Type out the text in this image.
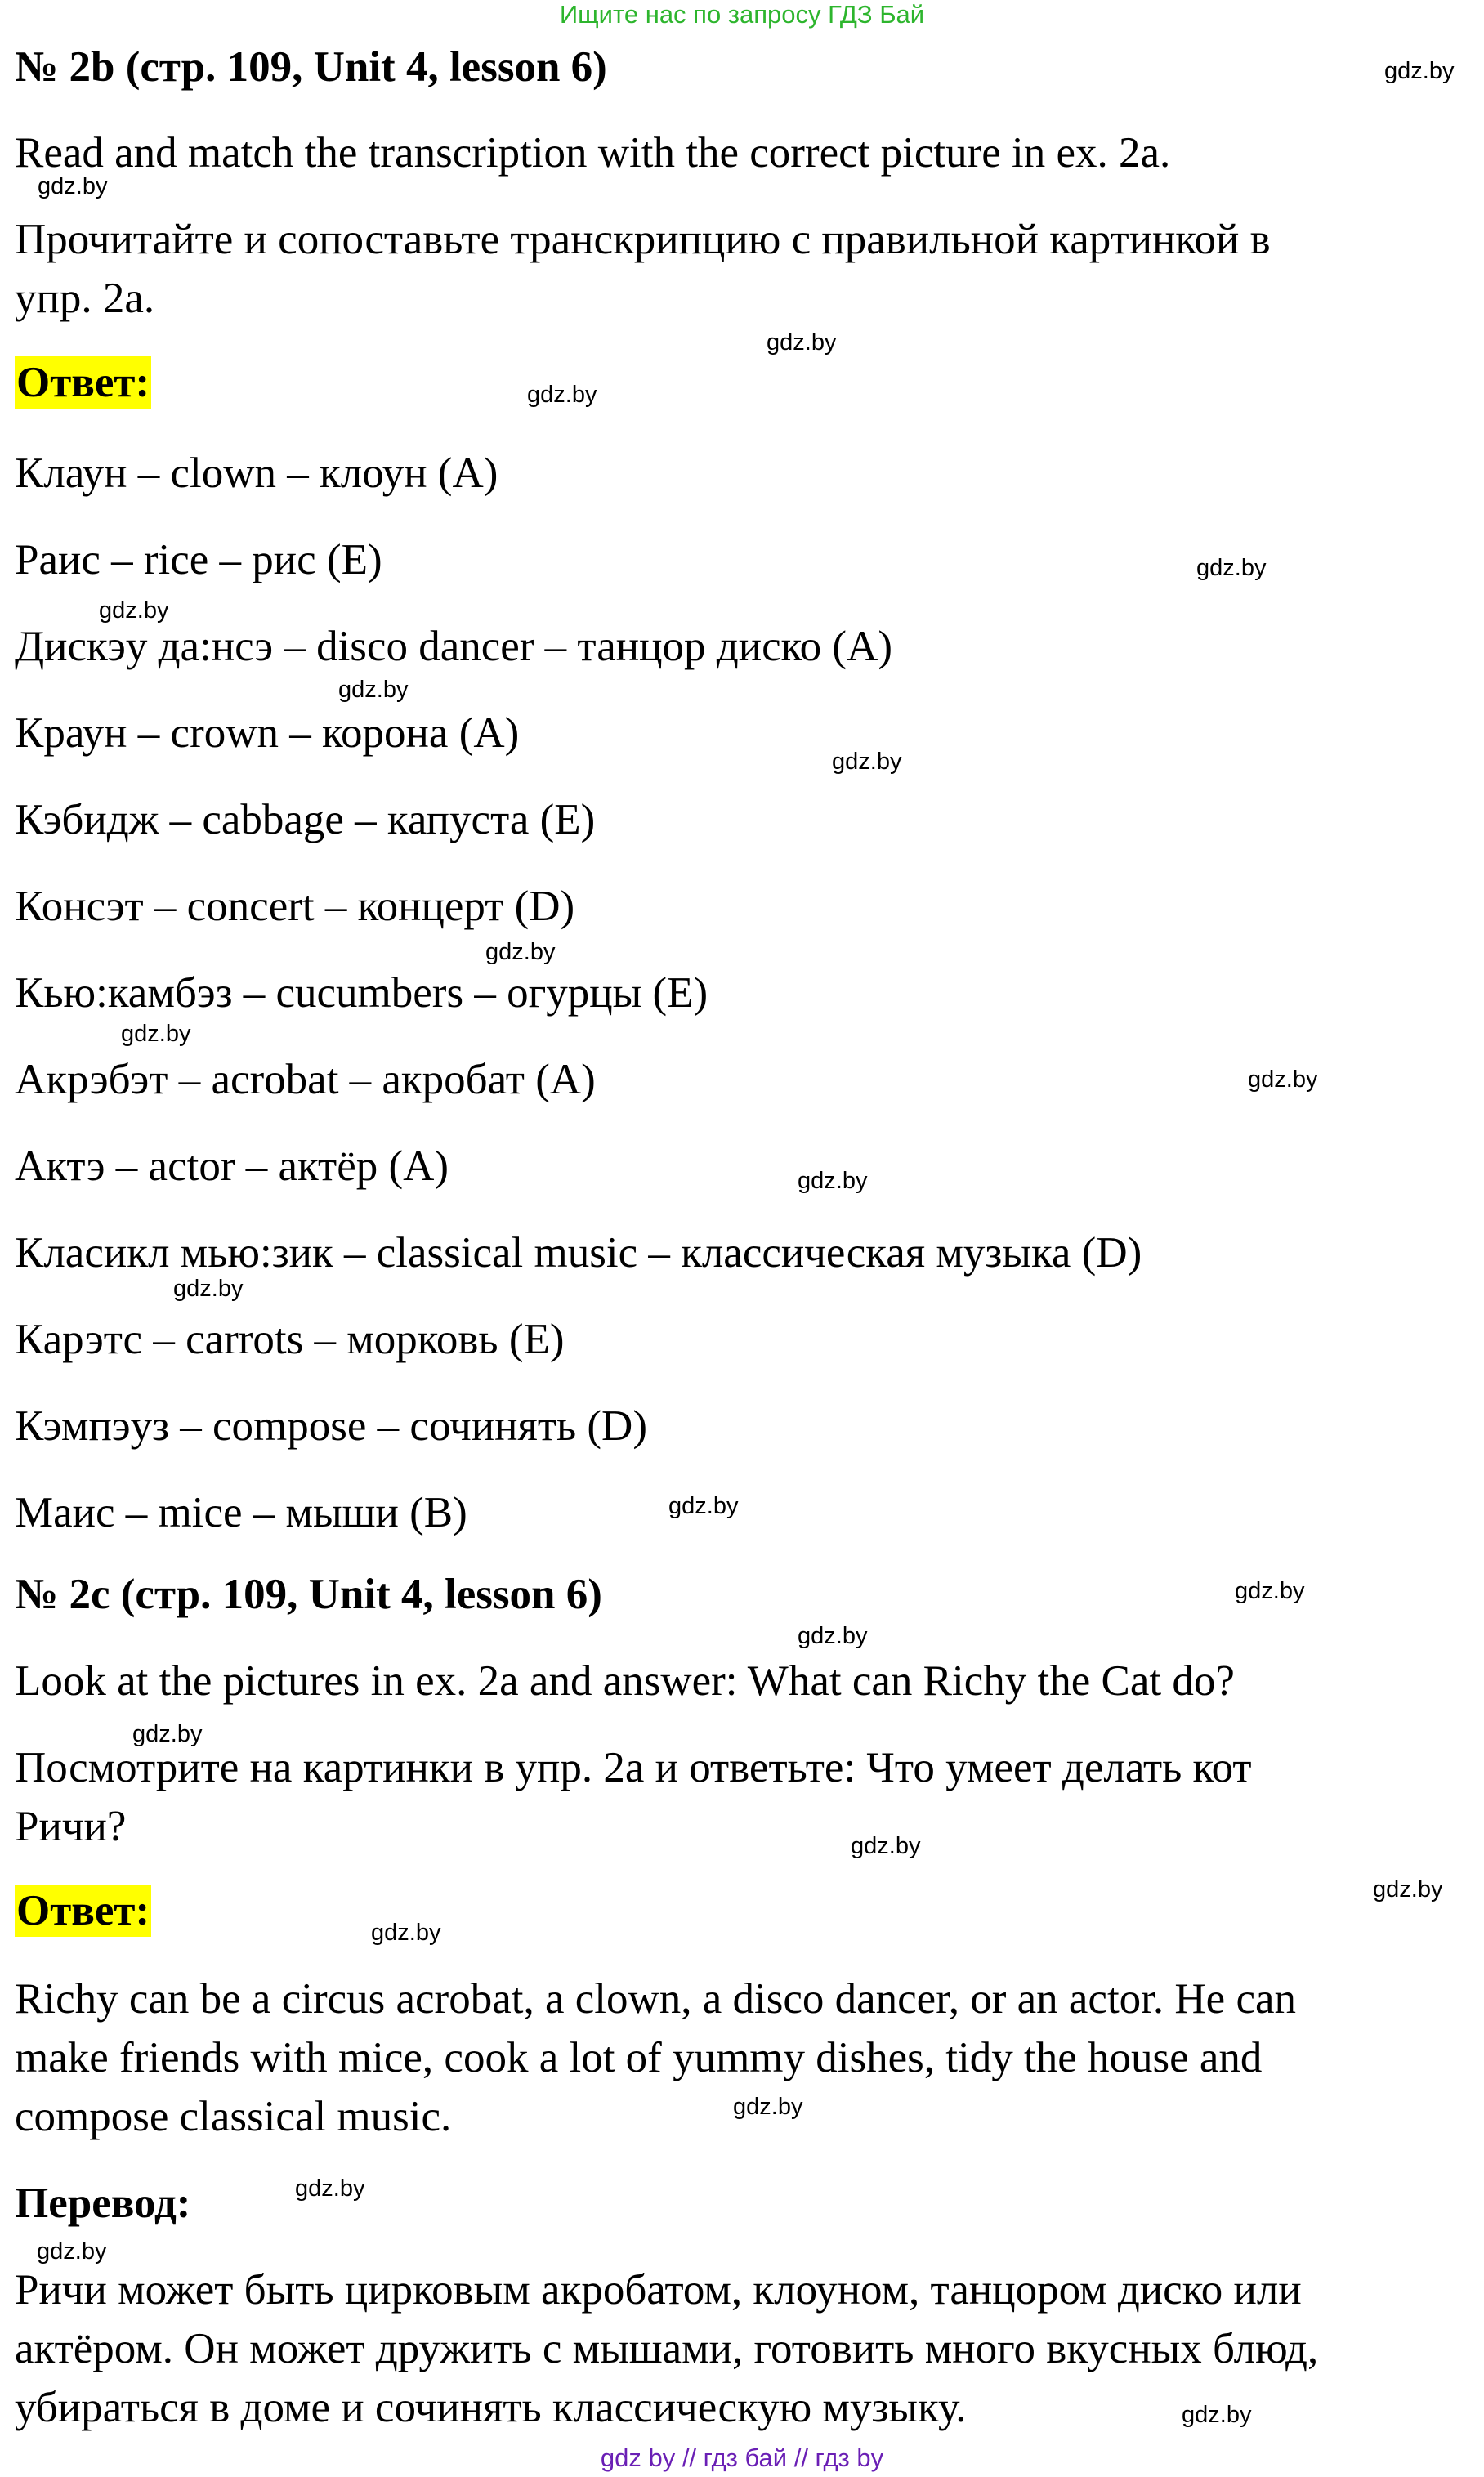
Ищите нас по запросу ГДЗ Бай
№ 2b (стр. 109, Unit 4, lesson 6)
Read and match the transcription with the correct picture in ex. 2a.
Прочитайте и сопоставьте транскрипцию с правильной картинкой в
упр. 2а.
Ответ:
Клаун – clown – клоун (A)
Раис – rice – рис (E)
Дискэу да:нсэ – disco dancer – танцор диско (A)
Краун – crown – корона (A)
Кэбидж – cabbage – капуста (E)
Консэт – concert – концерт (D)
Кью:камбэз – cucumbers – огурцы (E)
Акрэбэт – acrobat – акробат (A)
Актэ – actor – актёр (A)
Класикл мью:зик – classical music – классическая музыка (D)
Карэтс – carrots – морковь (E)
Кэмпэуз – compose – сочинять (D)
Маис – mice – мыши (B)
№ 2c (стр. 109, Unit 4, lesson 6)
Look at the pictures in ex. 2a and answer: What can Richy the Cat do?
Посмотрите на картинки в упр. 2а и ответьте: Что умеет делать кот
Ричи?
Ответ:
Richy can be a circus acrobat, a clown, a disco dancer, or an actor. He can
make friends with mice, cook a lot of yummy dishes, tidy the house and
compose classical music.
Перевод:
Ричи может быть цирковым акробатом, клоуном, танцором диско или
актёром. Он может дружить с мышами, готовить много вкусных блюд,
убираться в доме и сочинять классическую музыку.
gdz.by
gdz.by
gdz.by
gdz.by
gdz.by
gdz.by
gdz.by
gdz.by
gdz.by
gdz.by
gdz.by
gdz.by
gdz.by
gdz.by
gdz.by
gdz.by
gdz.by
gdz.by
gdz.by
gdz.by
gdz.by
gdz.by
gdz.by
gdz.by
gdz by // гдз бай // гдз by
